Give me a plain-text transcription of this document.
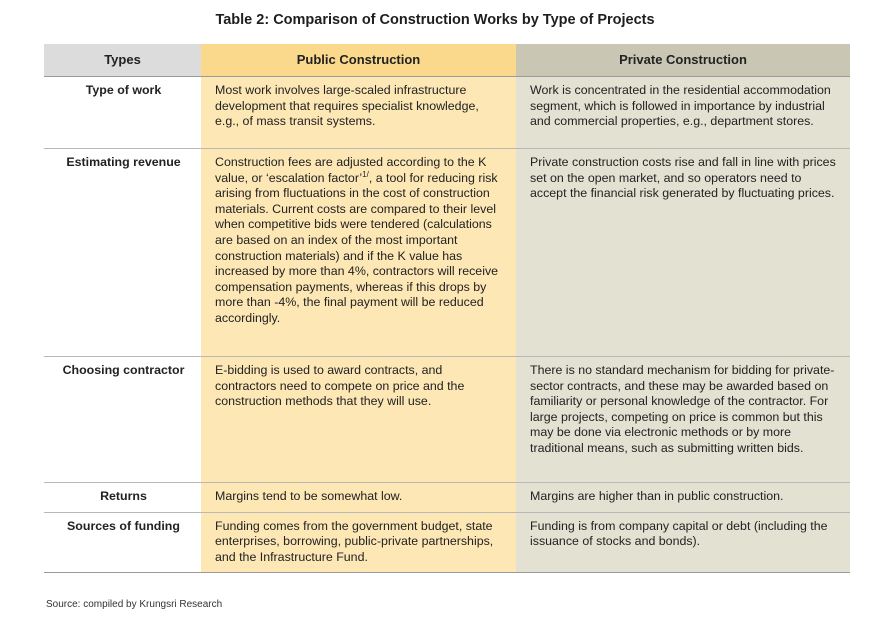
Table 2: Comparison of Construction Works by Type of Projects
Types	Public Construction	Private Construction
Type of work	Most work involves large-scaled infrastructure development that requires specialist knowledge, e.g., of mass transit systems.	Work is concentrated in the residential accommodation segment, which is followed in importance by industrial and commercial properties, e.g., department stores.
Estimating revenue	Construction fees are adjusted according to the K value, or ‘escalation factor’$^{1/}$, a tool for reducing risk arising from fluctuations in the cost of construction materials. Current costs are compared to their level when competitive bids were tendered (calculations are based on an index of the most important construction materials) and if the K value has increased by more than 4%, contractors will receive compensation payments, whereas if this drops by more than -4%, the final payment will be reduced accordingly.	Private construction costs rise and fall in line with prices set on the open market, and so operators need to accept the financial risk generated by fluctuating prices.
Choosing contractor	E-bidding is used to award contracts, and contractors need to compete on price and the construction methods that they will use.	There is no standard mechanism for bidding for private-sector contracts, and these may be awarded based on familiarity or personal knowledge of the contractor. For large projects, competing on price is common but this may be done via electronic methods or by more traditional means, such as submitting written bids.
Returns	Margins tend to be somewhat low.	Margins are higher than in public construction.
Sources of funding	Funding comes from the government budget, state enterprises, borrowing, public-private partnerships, and the Infrastructure Fund.	Funding is from company capital or debt (including the issuance of stocks and bonds).
Source: compiled by Krungsri Research
